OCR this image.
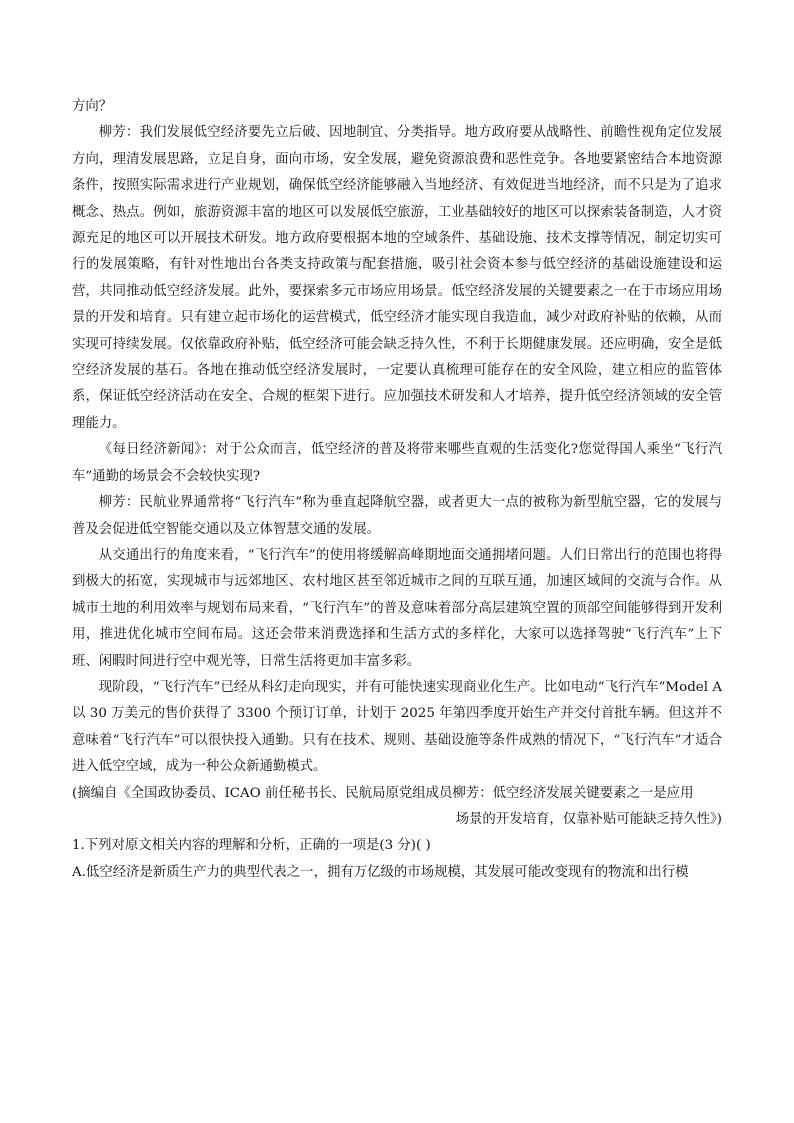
方向？

柳芳：我们发展低空经济要先立后破、因地制宜、分类指导。地方政府要从战略性、前瞻性视角定位发展方向，理清发展思路，立足自身，面向市场，安全发展，避免资源浪费和恶性竞争。各地要紧密结合本地资源条件，按照实际需求进行产业规划，确保低空经济能够融入当地经济、有效促进当地经济，而不只是为了追求概念、热点。例如，旅游资源丰富的地区可以发展低空旅游，工业基础较好的地区可以探索装备制造，人才资源充足的地区可以开展技术研发。地方政府要根据本地的空域条件、基础设施、技术支撑等情况，制定切实可行的发展策略，有针对性地出台各类支持政策与配套措施，吸引社会资本参与低空经济的基础设施建设和运营，共同推动低空经济发展。此外，要探索多元市场应用场景。低空经济发展的关键要素之一在于市场应用场景的开发和培育。只有建立起市场化的运营模式，低空经济才能实现自我造血，减少对政府补贴的依赖，从而实现可持续发展。仅依靠政府补贴，低空经济可能会缺乏持久性，不利于长期健康发展。还应明确，安全是低空经济发展的基石。各地在推动低空经济发展时，一定要认真梳理可能存在的安全风险，建立相应的监管体系，保证低空经济活动在安全、合规的框架下进行。应加强技术研发和人才培养，提升低空经济领域的安全管理能力。

《每日经济新闻》：对于公众而言，低空经济的普及将带来哪些直观的生活变化?您觉得国人乘坐“飞行汽车”通勤的场景会不会较快实现?

柳芳：民航业界通常将“飞行汽车”称为垂直起降航空器，或者更大一点的被称为新型航空器，它的发展与普及会促进低空智能交通以及立体智慧交通的发展。

从交通出行的角度来看，“飞行汽车”的使用将缓解高峰期地面交通拥堵问题。人们日常出行的范围也将得到极大的拓宽，实现城市与远郊地区、农村地区甚至邻近城市之间的互联互通，加速区域间的交流与合作。从城市土地的利用效率与规划布局来看，“飞行汽车”的普及意味着部分高层建筑空置的顶部空间能够得到开发利用，推进优化城市空间布局。这还会带来消费选择和生活方式的多样化，大家可以选择驾驶“飞行汽车”上下班、闲暇时间进行空中观光等，日常生活将更加丰富多彩。

现阶段，“飞行汽车”已经从科幻走向现实，并有可能快速实现商业化生产。比如电动“飞行汽车”Model A 以 30 万美元的售价获得了 3300 个预订订单，计划于 2025 年第四季度开始生产并交付首批车辆。但这并不意味着“飞行汽车”可以很快投入通勤。只有在技术、规则、基础设施等条件成熟的情况下，“飞行汽车”才适合进入低空空域，成为一种公众新通勤模式。

(摘编自《全国政协委员、ICAO 前任秘书长、民航局原党组成员柳芳：低空经济发展关键要素之一是应用

场景的开发培育，仅靠补贴可能缺乏持久性》)

1.下列对原文相关内容的理解和分析，正确的一项是(3 分)( )

A.低空经济是新质生产力的典型代表之一，拥有万亿级的市场规模，其发展可能改变现有的物流和出行模
